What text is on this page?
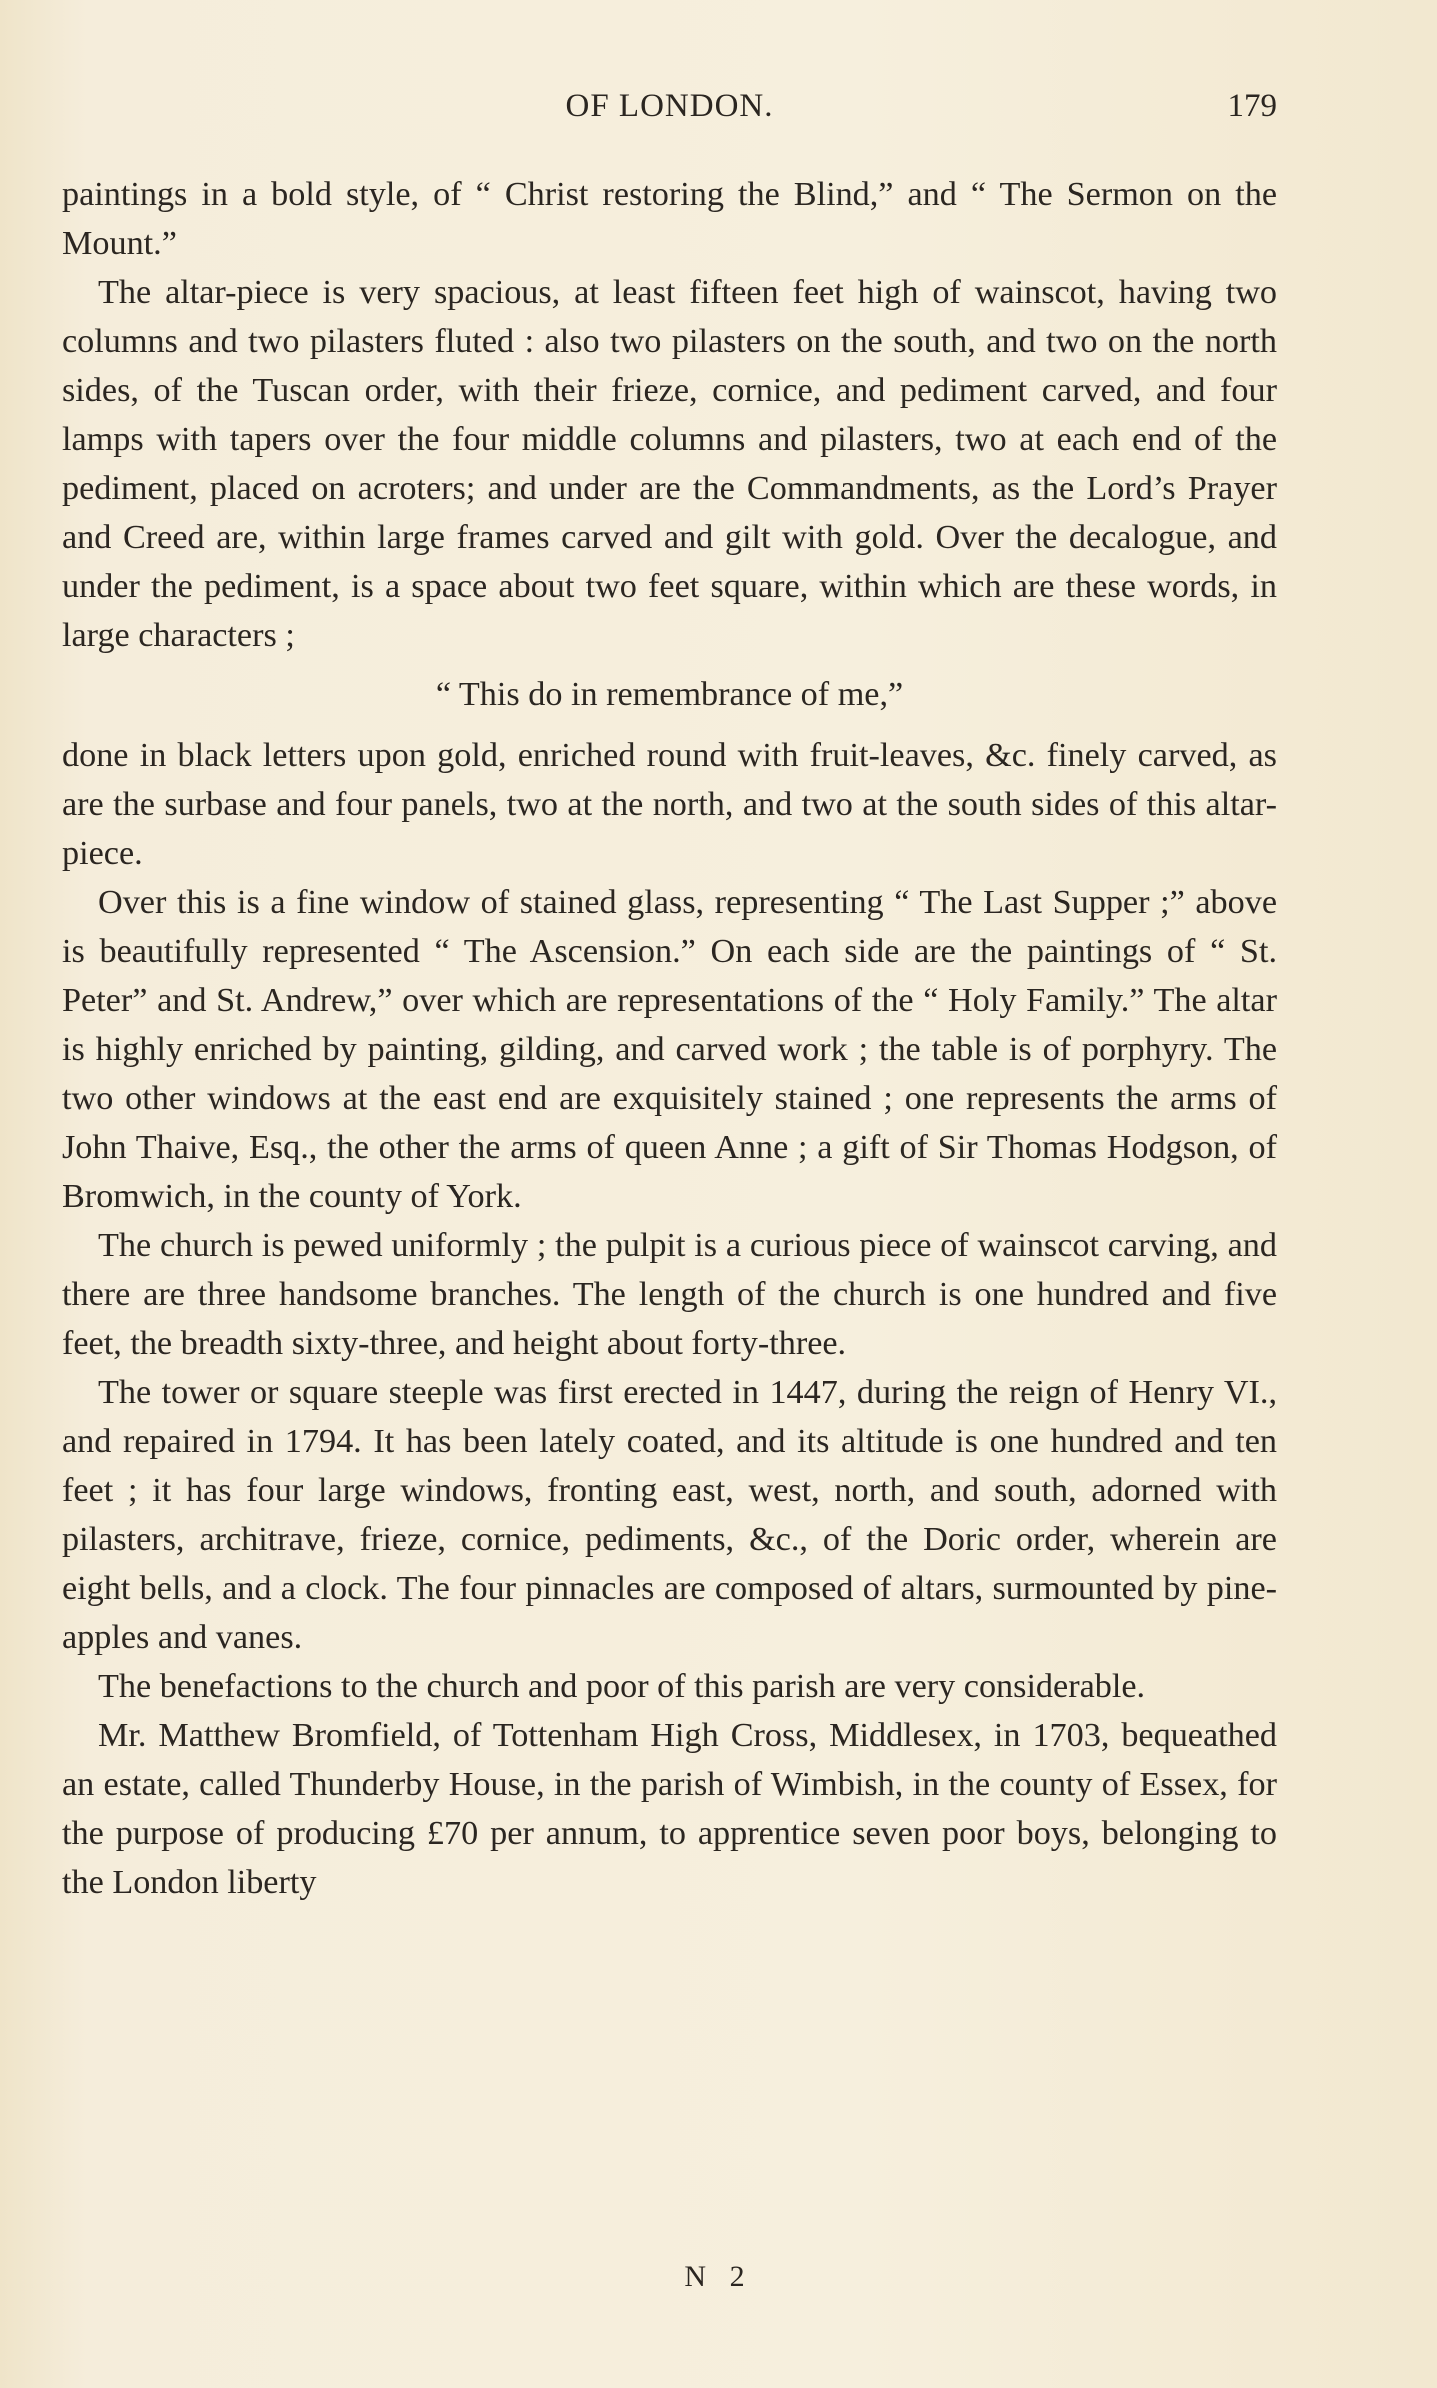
OF LONDON.	179

paintings in a bold style, of “ Christ restoring the Blind,” and “ The Sermon on the Mount.”

The altar-piece is very spacious, at least fifteen feet high of wainscot, having two columns and two pilasters fluted : also two pilasters on the south, and two on the north sides, of the Tuscan order, with their frieze, cornice, and pediment carved, and four lamps with tapers over the four middle columns and pilasters, two at each end of the pediment, placed on acroters; and under are the Commandments, as the Lord’s Prayer and Creed are, within large frames carved and gilt with gold. Over the decalogue, and under the pediment, is a space about two feet square, within which are these words, in large characters ;

“ This do in remembrance of me,”

done in black letters upon gold, enriched round with fruit-leaves, &c. finely carved, as are the surbase and four panels, two at the north, and two at the south sides of this altar-piece.

Over this is a fine window of stained glass, representing “ The Last Supper ;” above is beautifully represented “ The Ascension.” On each side are the paintings of “ St. Peter” and St. Andrew,” over which are representations of the “ Holy Family.” The altar is highly enriched by painting, gilding, and carved work ; the table is of porphyry. The two other windows at the east end are exquisitely stained ; one represents the arms of John Thaive, Esq., the other the arms of queen Anne ; a gift of Sir Thomas Hodgson, of Bromwich, in the county of York.

The church is pewed uniformly ; the pulpit is a curious piece of wainscot carving, and there are three handsome branches. The length of the church is one hundred and five feet, the breadth sixty-three, and height about forty-three.

The tower or square steeple was first erected in 1447, during the reign of Henry VI., and repaired in 1794. It has been lately coated, and its altitude is one hundred and ten feet ; it has four large windows, fronting east, west, north, and south, adorned with pilasters, architrave, frieze, cornice, pediments, &c., of the Doric order, wherein are eight bells, and a clock. The four pinnacles are composed of altars, surmounted by pine-apples and vanes.

The benefactions to the church and poor of this parish are very considerable.

Mr. Matthew Bromfield, of Tottenham High Cross, Middlesex, in 1703, bequeathed an estate, called Thunderby House, in the parish of Wimbish, in the county of Essex, for the purpose of producing £70 per annum, to apprentice seven poor boys, belonging to the London liberty

N 2
